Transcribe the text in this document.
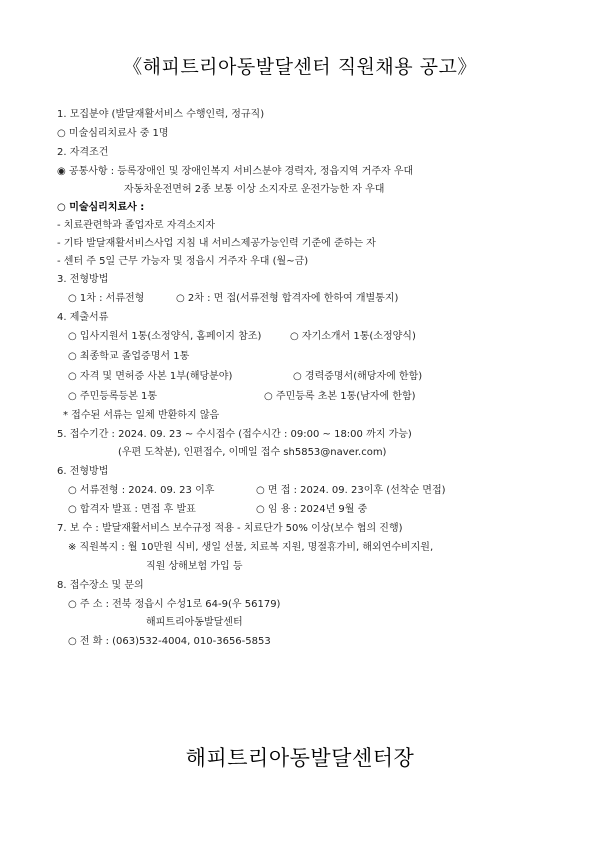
《해피트리아동발달센터 직원채용 공고》
1. 모집분야 (발달재활서비스 수행인력, 정규직)
○ 미술심리치료사 중 1명
2. 자격조건
◉ 공통사항 : 등록장애인 및 장애인복지 서비스분야 경력자, 정읍지역 거주자 우대
자동차운전면허 2종 보통 이상 소지자로 운전가능한 자 우대
○ 미술심리치료사 :
- 치료관련학과 졸업자로 자격소지자
- 기타 발달재활서비스사업 지침 내 서비스제공가능인력 기준에 준하는 자
- 센터 주 5일 근무 가능자 및 정읍시 거주자 우대 (월~금)
3. 전형방법
○ 1차 : 서류전형	○ 2차 : 면 접(서류전형 합격자에 한하여 개별통지)
4. 제출서류
○ 입사지원서 1통(소정양식, 홈페이지 참조)	○ 자기소개서 1통(소정양식)
○ 최종학교 졸업증명서 1통
○ 자격 및 면허증 사본 1부(해당분야)	○ 경력증명서(해당자에 한함)
○ 주민등록등본 1통	○ 주민등록 초본 1통(남자에 한함)
* 접수된 서류는 일체 반환하지 않음
5. 접수기간 : 2024. 09. 23 ~ 수시접수 (접수시간 : 09:00 ~ 18:00 까지 가능)
(우편 도착분), 인편접수, 이메일 접수 sh5853@naver.com)
6. 전형방법
○ 서류전형 : 2024. 09. 23 이후	○ 면 접 : 2024. 09. 23이후 (선착순 면접)
○ 합격자 발표 : 면접 후 발표	○ 임 용 : 2024년 9월 중
7. 보 수 : 발달재활서비스 보수규정 적용 - 치료단가 50% 이상(보수 협의 진행)
※ 직원복지 : 월 10만원 식비, 생일 선물, 치료복 지원, 명절휴가비, 해외연수비지원,
직원 상해보험 가입 등
8. 접수장소 및 문의
○ 주 소 : 전북 정읍시 수성1로 64-9(우 56179)
해피트리아동발달센터
○ 전 화 : (063)532-4004, 010-3656-5853
해피트리아동발달센터장
